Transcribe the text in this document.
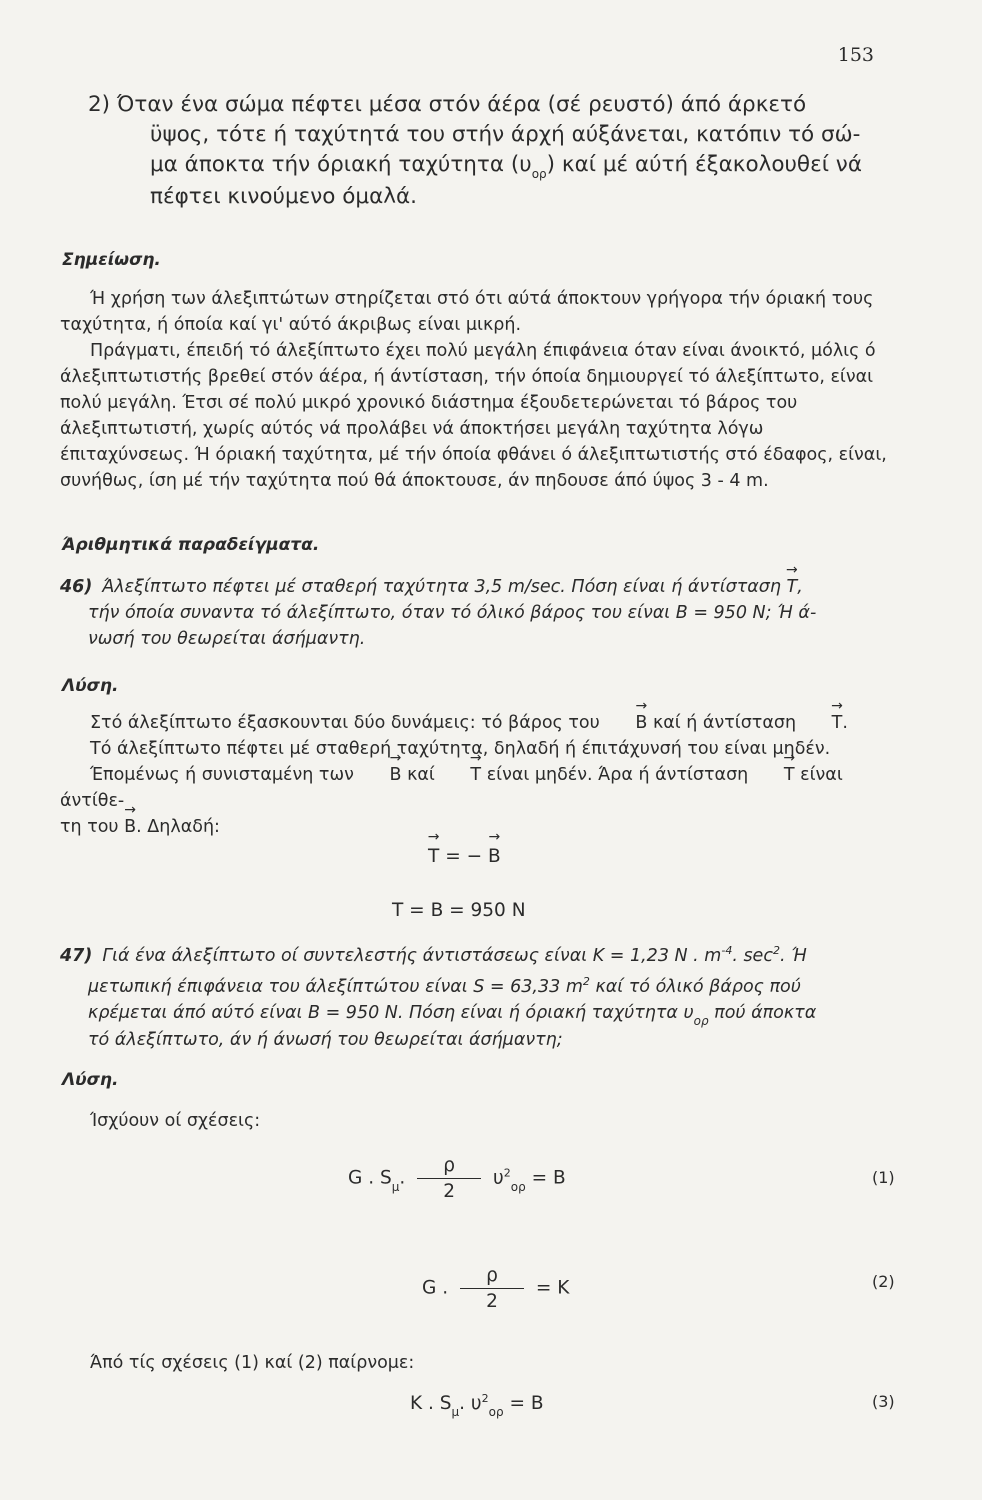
153
2) Όταν ένα σώμα πέφτει μέσα στόν άέρα (σέ ρευστό) άπό άρκετό

ϋψος, τότε ή ταχύτητά του στήν άρχή αύξάνεται, κατόπιν τό σώ-
μα άποκτα τήν όριακή ταχύτητα $(\upsilon_{o\rho})$ καί μέ αύτή έξακολουθεί νά
πέφτει κινούμενο όμαλά.
Σημείωση.
Ή χρήση των άλεξιπτώτων στηρίζεται στό ότι αύτά άποκτουν γρήγορα τήν όριακή τους ταχύτητα, ή όποία καί γι' αύτό άκριβως είναι μικρή.
Πράγματι, έπειδή τό άλεξίπτωτο έχει πολύ μεγάλη έπιφάνεια όταν είναι άνοικτό, μόλις ό άλεξιπτωτιστής βρεθεί στόν άέρα, ή άντίσταση, τήν όποία δημιουργεί τό άλεξίπτωτο, είναι πολύ μεγάλη. Έτσι σέ πολύ μικρό χρονικό διάστημα έξουδετερώνεται τό βάρος του άλεξιπτωτιστή, χωρίς αύτός νά προλάβει νά άποκτήσει μεγάλη ταχύτητα λόγω έπιταχύνσεως. Ή όριακή ταχύτητα, μέ τήν όποία φθάνει ό άλεξιπτωτιστής στό έδαφος, είναι, συνήθως, ίση μέ τήν ταχύτητα πού θά άποκτουσε, άν πηδουσε άπό ύψος 3 - 4 m.
Άριθμητικά παραδείγματα.
46) Άλεξίπτωτο πέφτει μέ σταθερή ταχύτητα 3,5 m/sec. Πόση είναι ή άντίσταση → T,
τήν όποία συναντα τό άλεξίπτωτο, όταν τό όλικό βάρος του είναι B = 950 N; Ή ά-
νωσή του θεωρείται άσήμαντη.
Λύση.
Στό άλεξίπτωτο έξασκουνται δύο δυνάμεις: τό βάρος του → B καί ή άντίσταση → T.
Τό άλεξίπτωτο πέφτει μέ σταθερή ταχύτητα, δηλαδή ή έπιτάχυνσή του είναι μηδέν.
Έπομένως ή συνισταμένη των → B καί → T είναι μηδέν. Άρα ή άντίσταση → T είναι άντίθε-
τη του → B. Δηλαδή:
→ T = − → B
T = B = 950 N
47) Γιά ένα άλεξίπτωτο οί συντελεστής άντιστάσεως είναι K = 1,23 N . $m^{-4}$. $\sec^2$. Ή
μετωπική έπιφάνεια του άλεξίπτώτου είναι S = 63,33 $m^2$ καί τό όλικό βάρος πού
κρέμεται άπό αύτό είναι B = 950 N. Πόση είναι ή όριακή ταχύτητα $\upsilon_{o\rho}$ πού άποκτα
τό άλεξίπτωτο, άν ή άνωσή του θεωρείται άσήμαντη;
Λύση.
Ίσχύουν οί σχέσεις:
G . $S_\mu$. $\frac{\rho}{2} \upsilon^2_{o\rho} = B$	(1)
G . $\frac{\rho}{2} = K$	(2)
Άπό τίς σχέσεις (1) καί (2) παίρνομε:
K . $S_\mu$. $\upsilon^2_{o\rho} = B$	(3)
